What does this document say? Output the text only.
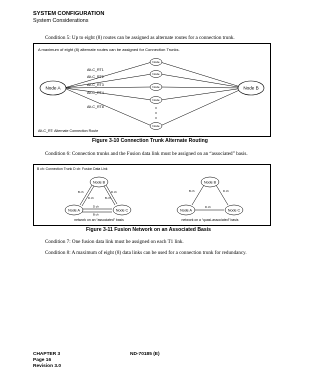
SYSTEM CONFIGURATION
System Considerations
Condition 5: Up to eight (8) routes can be assigned as alternate routes for a connection trunk.
A maximum of eight (8) alternate routes can be assigned for Connection Trunks.
Node A	Node B
Node
Node
Node
Node
Node
Alt-C_RT1
Alt-C_RT2
Alt-C_RT3
Alt-C_RT4
Alt-C_RT8
Alt-C_RT: Alternate Connection Route
Figure 3-10 Connection Trunk Alternate Routing
Condition 6: Connection trunks and the Fusion data link must be assigned on an “associated” basis.
B ch: Connection Trunk D ch: Fusion Data Link
Node B
Node A	Node C
B ch
D ch
D ch
D ch
B ch
B ch
network on an “associated” basis
Node B
Node A	Node C
B ch	D ch
D ch
network on a “quasi-associated” basis
Figure 3-11 Fusion Network on an Associated Basis
Condition 7: One fusion data link must be assigned on each T1 link.
Condition 8: A maximum of eight (8) data links can be used for a connection trunk for redundancy.
CHAPTER 3
Page 16
Revision 3.0
ND-70185 (E)
